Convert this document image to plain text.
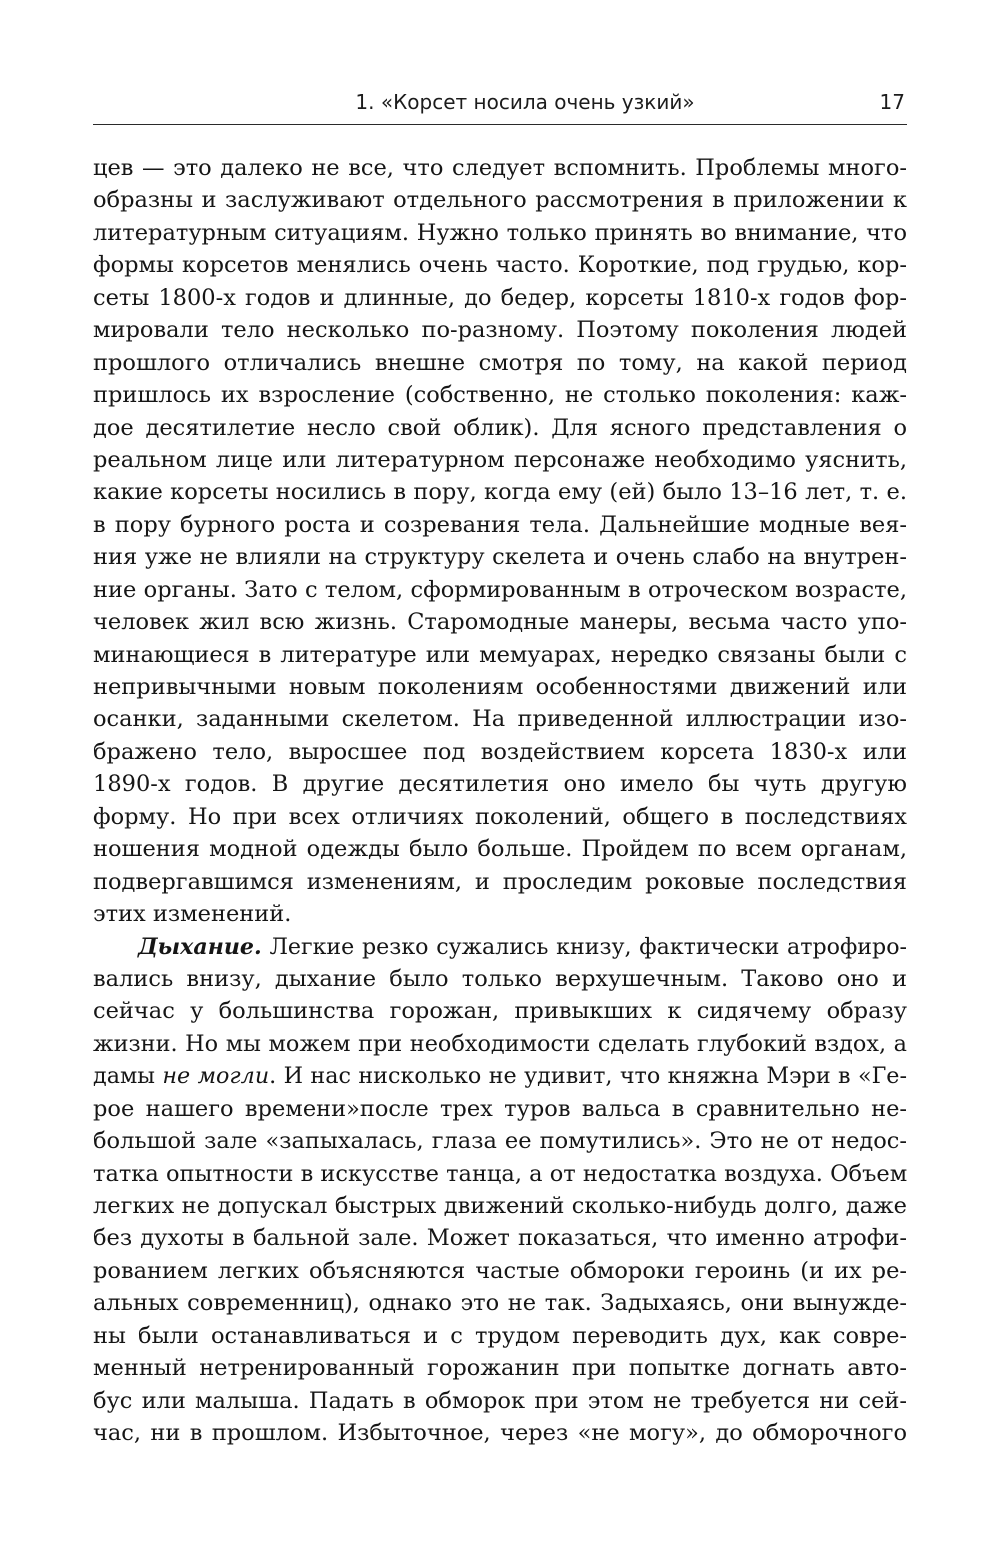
1. «Корсет носила очень узкий»	17
цев — это далеко не все, что следует вспомнить. Проблемы много-
образны и заслуживают отдельного рассмотрения в приложении к
литературным ситуациям. Нужно только принять во внимание, что
формы корсетов менялись очень часто. Короткие, под грудью, кор-
сеты 1800-х годов и длинные, до бедер, корсеты 1810-х годов фор-
мировали тело несколько по-разному. Поэтому поколения людей
прошлого отличались внешне смотря по тому, на какой период
пришлось их взросление (собственно, не столько поколения: каж-
дое десятилетие несло свой облик). Для ясного представления о
реальном лице или литературном персонаже необходимо уяснить,
какие корсеты носились в пору, когда ему (ей) было 13–16 лет, т. е.
в пору бурного роста и созревания тела. Дальнейшие модные вея-
ния уже не влияли на структуру скелета и очень слабо на внутрен-
ние органы. Зато с телом, сформированным в отроческом возрасте,
человек жил всю жизнь. Старомодные манеры, весьма часто упо-
минающиеся в литературе или мемуарах, нередко связаны были с
непривычными новым поколениям особенностями движений или
осанки, заданными скелетом. На приведенной иллюстрации изо-
бражено тело, выросшее под воздействием корсета 1830-х или
1890-х годов. В другие десятилетия оно имело бы чуть другую
форму. Но при всех отличиях поколений, общего в последствиях
ношения модной одежды было больше. Пройдем по всем органам,
подвергавшимся изменениям, и проследим роковые последствия
этих изменений.
Дыхание. Легкие резко сужались книзу, фактически атрофиро-
вались внизу, дыхание было только верхушечным. Таково оно и
сейчас у большинства горожан, привыкших к сидячему образу
жизни. Но мы можем при необходимости сделать глубокий вздох, а
дамы не могли. И нас нисколько не удивит, что княжна Мэри в «Ге-
рое нашего времени»после трех туров вальса в сравнительно не-
большой зале «запыхалась, глаза ее помутились». Это не от недос-
татка опытности в искусстве танца, а от недостатка воздуха. Объем
легких не допускал быстрых движений сколько-нибудь долго, даже
без духоты в бальной зале. Может показаться, что именно атрофи-
рованием легких объясняются частые обмороки героинь (и их ре-
альных современниц), однако это не так. Задыхаясь, они вынужде-
ны были останавливаться и с трудом переводить дух, как совре-
менный нетренированный горожанин при попытке догнать авто-
бус или малыша. Падать в обморок при этом не требуется ни сей-
час, ни в прошлом. Избыточное, через «не могу», до обморочного
